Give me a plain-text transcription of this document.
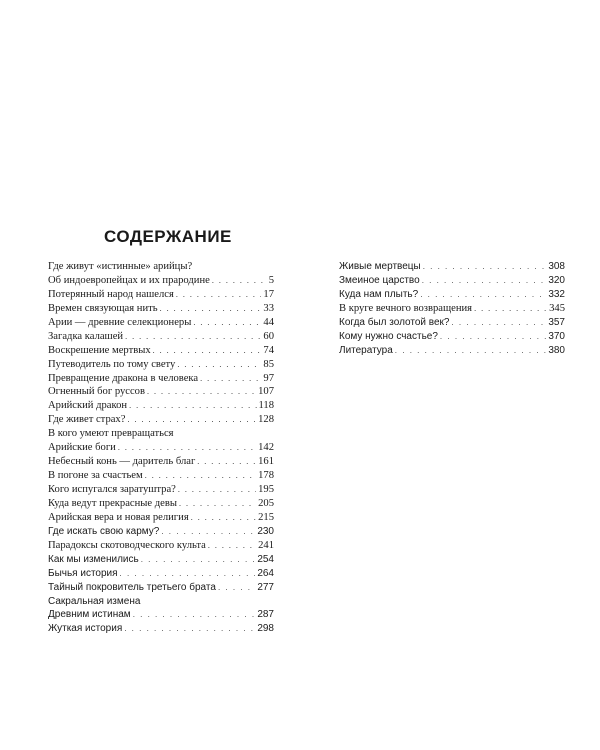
СОДЕРЖАНИЕ
Где живут «истинные» арийцы?
Об индоевропейцах и их прародине . . .	5
Потерянный народ нашелся . . .	17
Времен связующая нить . . .	33
Арии — древние селекционеры . . .	44
Загадка калашей . . .	60
Воскрешение мертвых . . .	74
Путеводитель по тому свету . . .	85
Превращение дракона в человека . . .	97
Огненный бог руссов . . .	107
Арийский дракон . . .	118
Где живет страх? . . .	128
В кого умеют превращаться
Арийские боги . . .	142
Небесный конь — даритель благ . . .	161
В погоне за счастьем . . .	178
Кого испугался заратуштра? . . .	195
Куда ведут прекрасные девы . . .	205
Арийская вера и новая религия . . .	215
Где искать свою карму? . . .	230
Парадоксы скотоводческого культа . . .	241
Как мы изменились . . .	254
Бычья история . . .	264
Тайный покровитель третьего брата . . .	277
Сакральная измена
Древним истинам . . .	287
Жуткая история . . .	298
Живые мертвецы . . .	308
Змеиное царство . . .	320
Куда нам плыть? . . .	332
В круге вечного возвращения . . .	345
Когда был золотой век? . . .	357
Кому нужно счастье? . . .	370
Литература . . .	380
